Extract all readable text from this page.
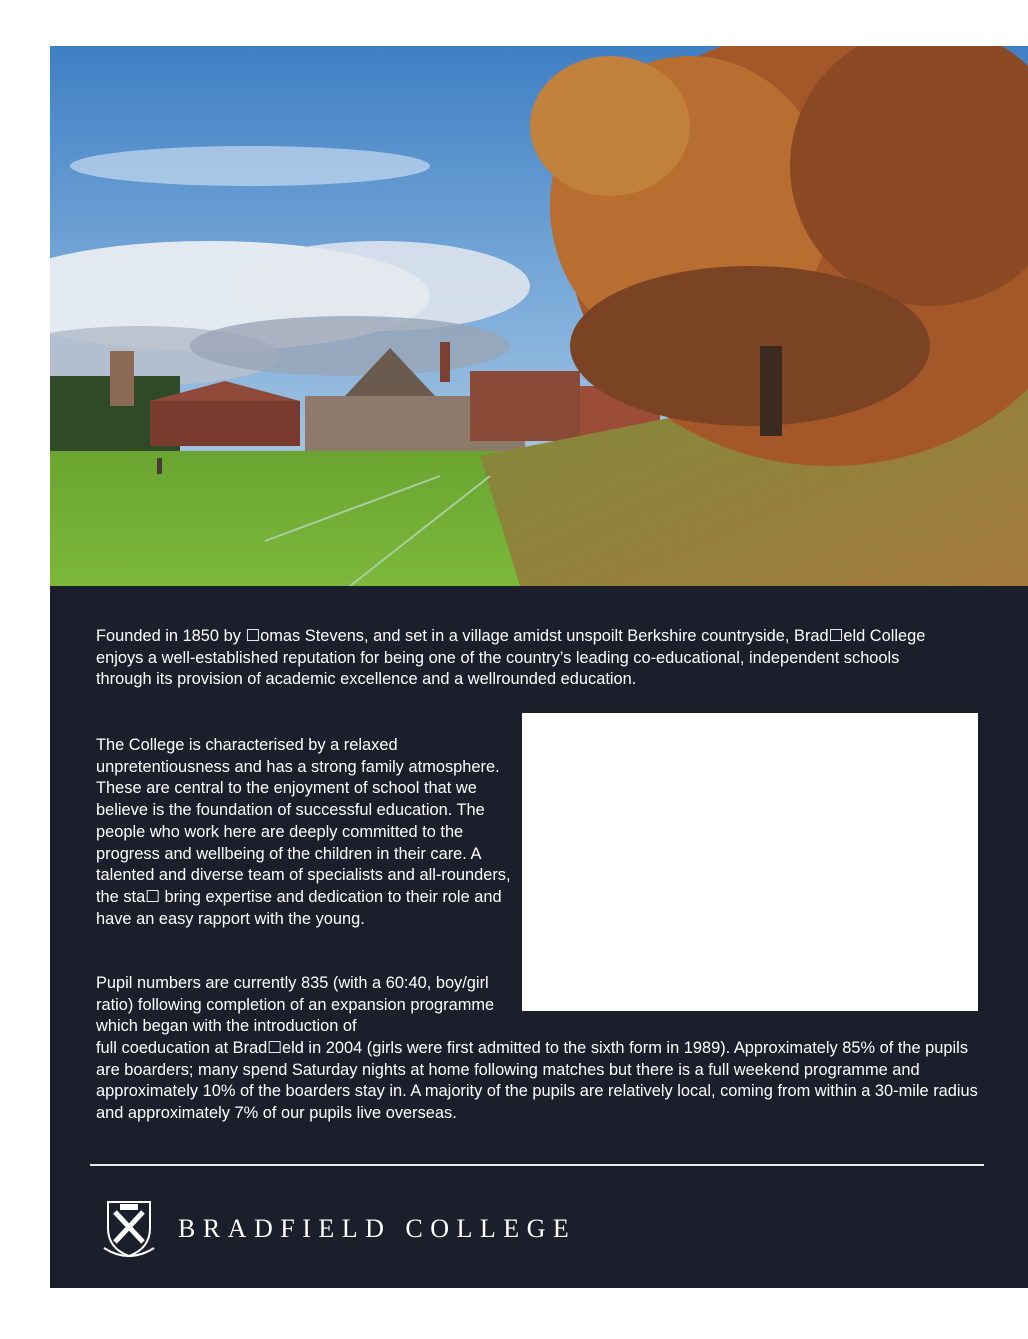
Founded in 1850 by ☐omas Stevens, and set in a village amidst unspoilt Berkshire countryside, Brad☐eld College enjoys a well-established reputation for being one of the country’s leading co-educational, independent schools through its provision of academic excellence and a wellrounded education.

The College is characterised by a relaxed unpretentiousness and has a strong family atmosphere. These are central to the enjoyment of school that we believe is the foundation of successful education. The people who work here are deeply committed to the progress and wellbeing of the children in their care. A talented and diverse team of specialists and all-rounders, the sta☐ bring expertise and dedication to their role and have an easy rapport with the young.

Pupil numbers are currently 835 (with a 60:40, boy/girl ratio) following completion of an expansion programme which began with the introduction of

full coeducation at Brad☐eld in 2004 (girls were first admitted to the sixth form in 1989). Approximately 85% of the pupils are boarders; many spend Saturday nights at home following matches but there is a full weekend programme and approximately 10% of the boarders stay in. A majority of the pupils are relatively local, coming from within a 30-mile radius and approximately 7% of our pupils live overseas.

BRADFIELD COLLEGE
